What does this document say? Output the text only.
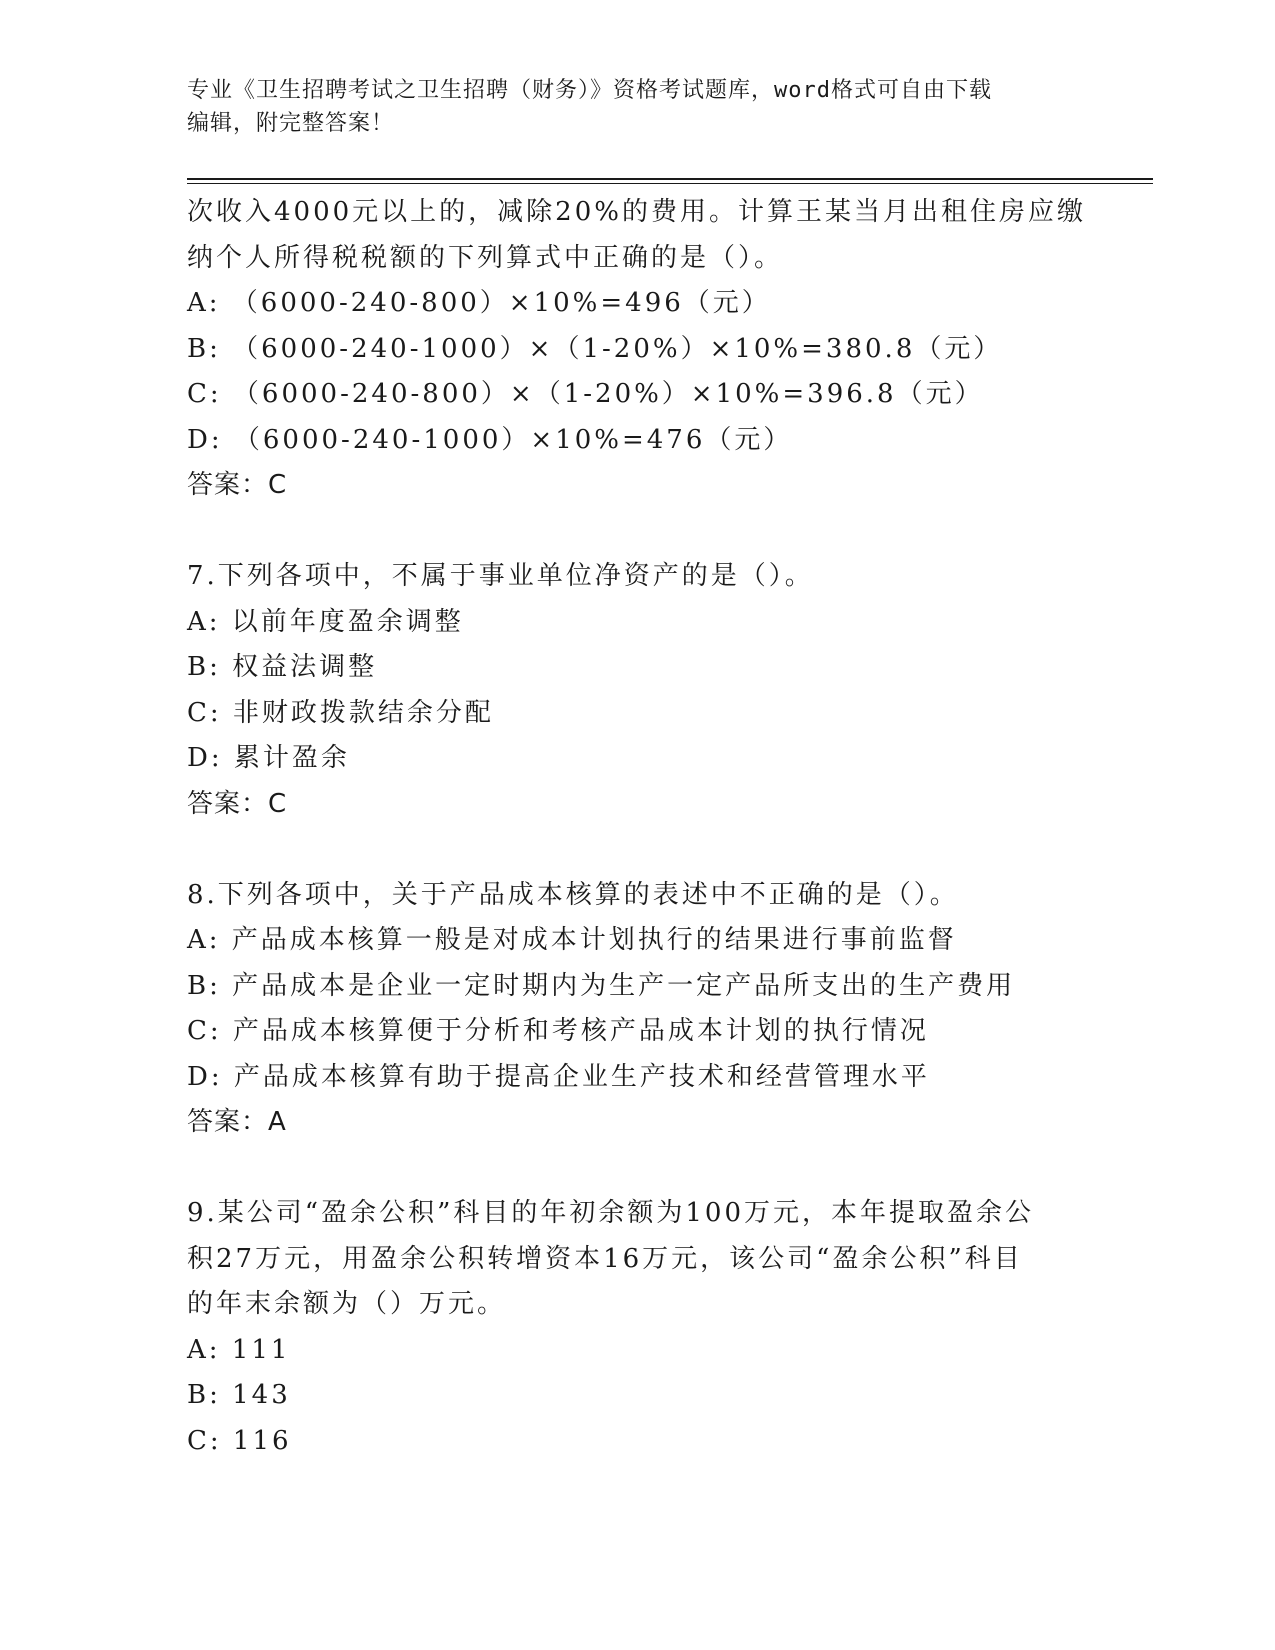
专业《卫生招聘考试之卫生招聘（财务）》资格考试题库，word格式可自由下载
编辑，附完整答案！
次收入4000元以上的，减除20%的费用。计算王某当月出租住房应缴
纳个人所得税税额的下列算式中正确的是（）。
A: （6000-240-800）×10%=496（元）
B: （6000-240-1000）×（1-20%）×10%=380.8（元）
C: （6000-240-800）×（1-20%）×10%=396.8（元）
D: （6000-240-1000）×10%=476（元）
答案：C
7.下列各项中，不属于事业单位净资产的是（）。
A: 以前年度盈余调整
B: 权益法调整
C: 非财政拨款结余分配
D: 累计盈余
答案：C
8.下列各项中，关于产品成本核算的表述中不正确的是（）。
A: 产品成本核算一般是对成本计划执行的结果进行事前监督
B: 产品成本是企业一定时期内为生产一定产品所支出的生产费用
C: 产品成本核算便于分析和考核产品成本计划的执行情况
D: 产品成本核算有助于提高企业生产技术和经营管理水平
答案：A
9.某公司“盈余公积”科目的年初余额为100万元，本年提取盈余公
积27万元，用盈余公积转增资本16万元，该公司“盈余公积”科目
的年末余额为（）万元。
A: 111
B: 143
C: 116
